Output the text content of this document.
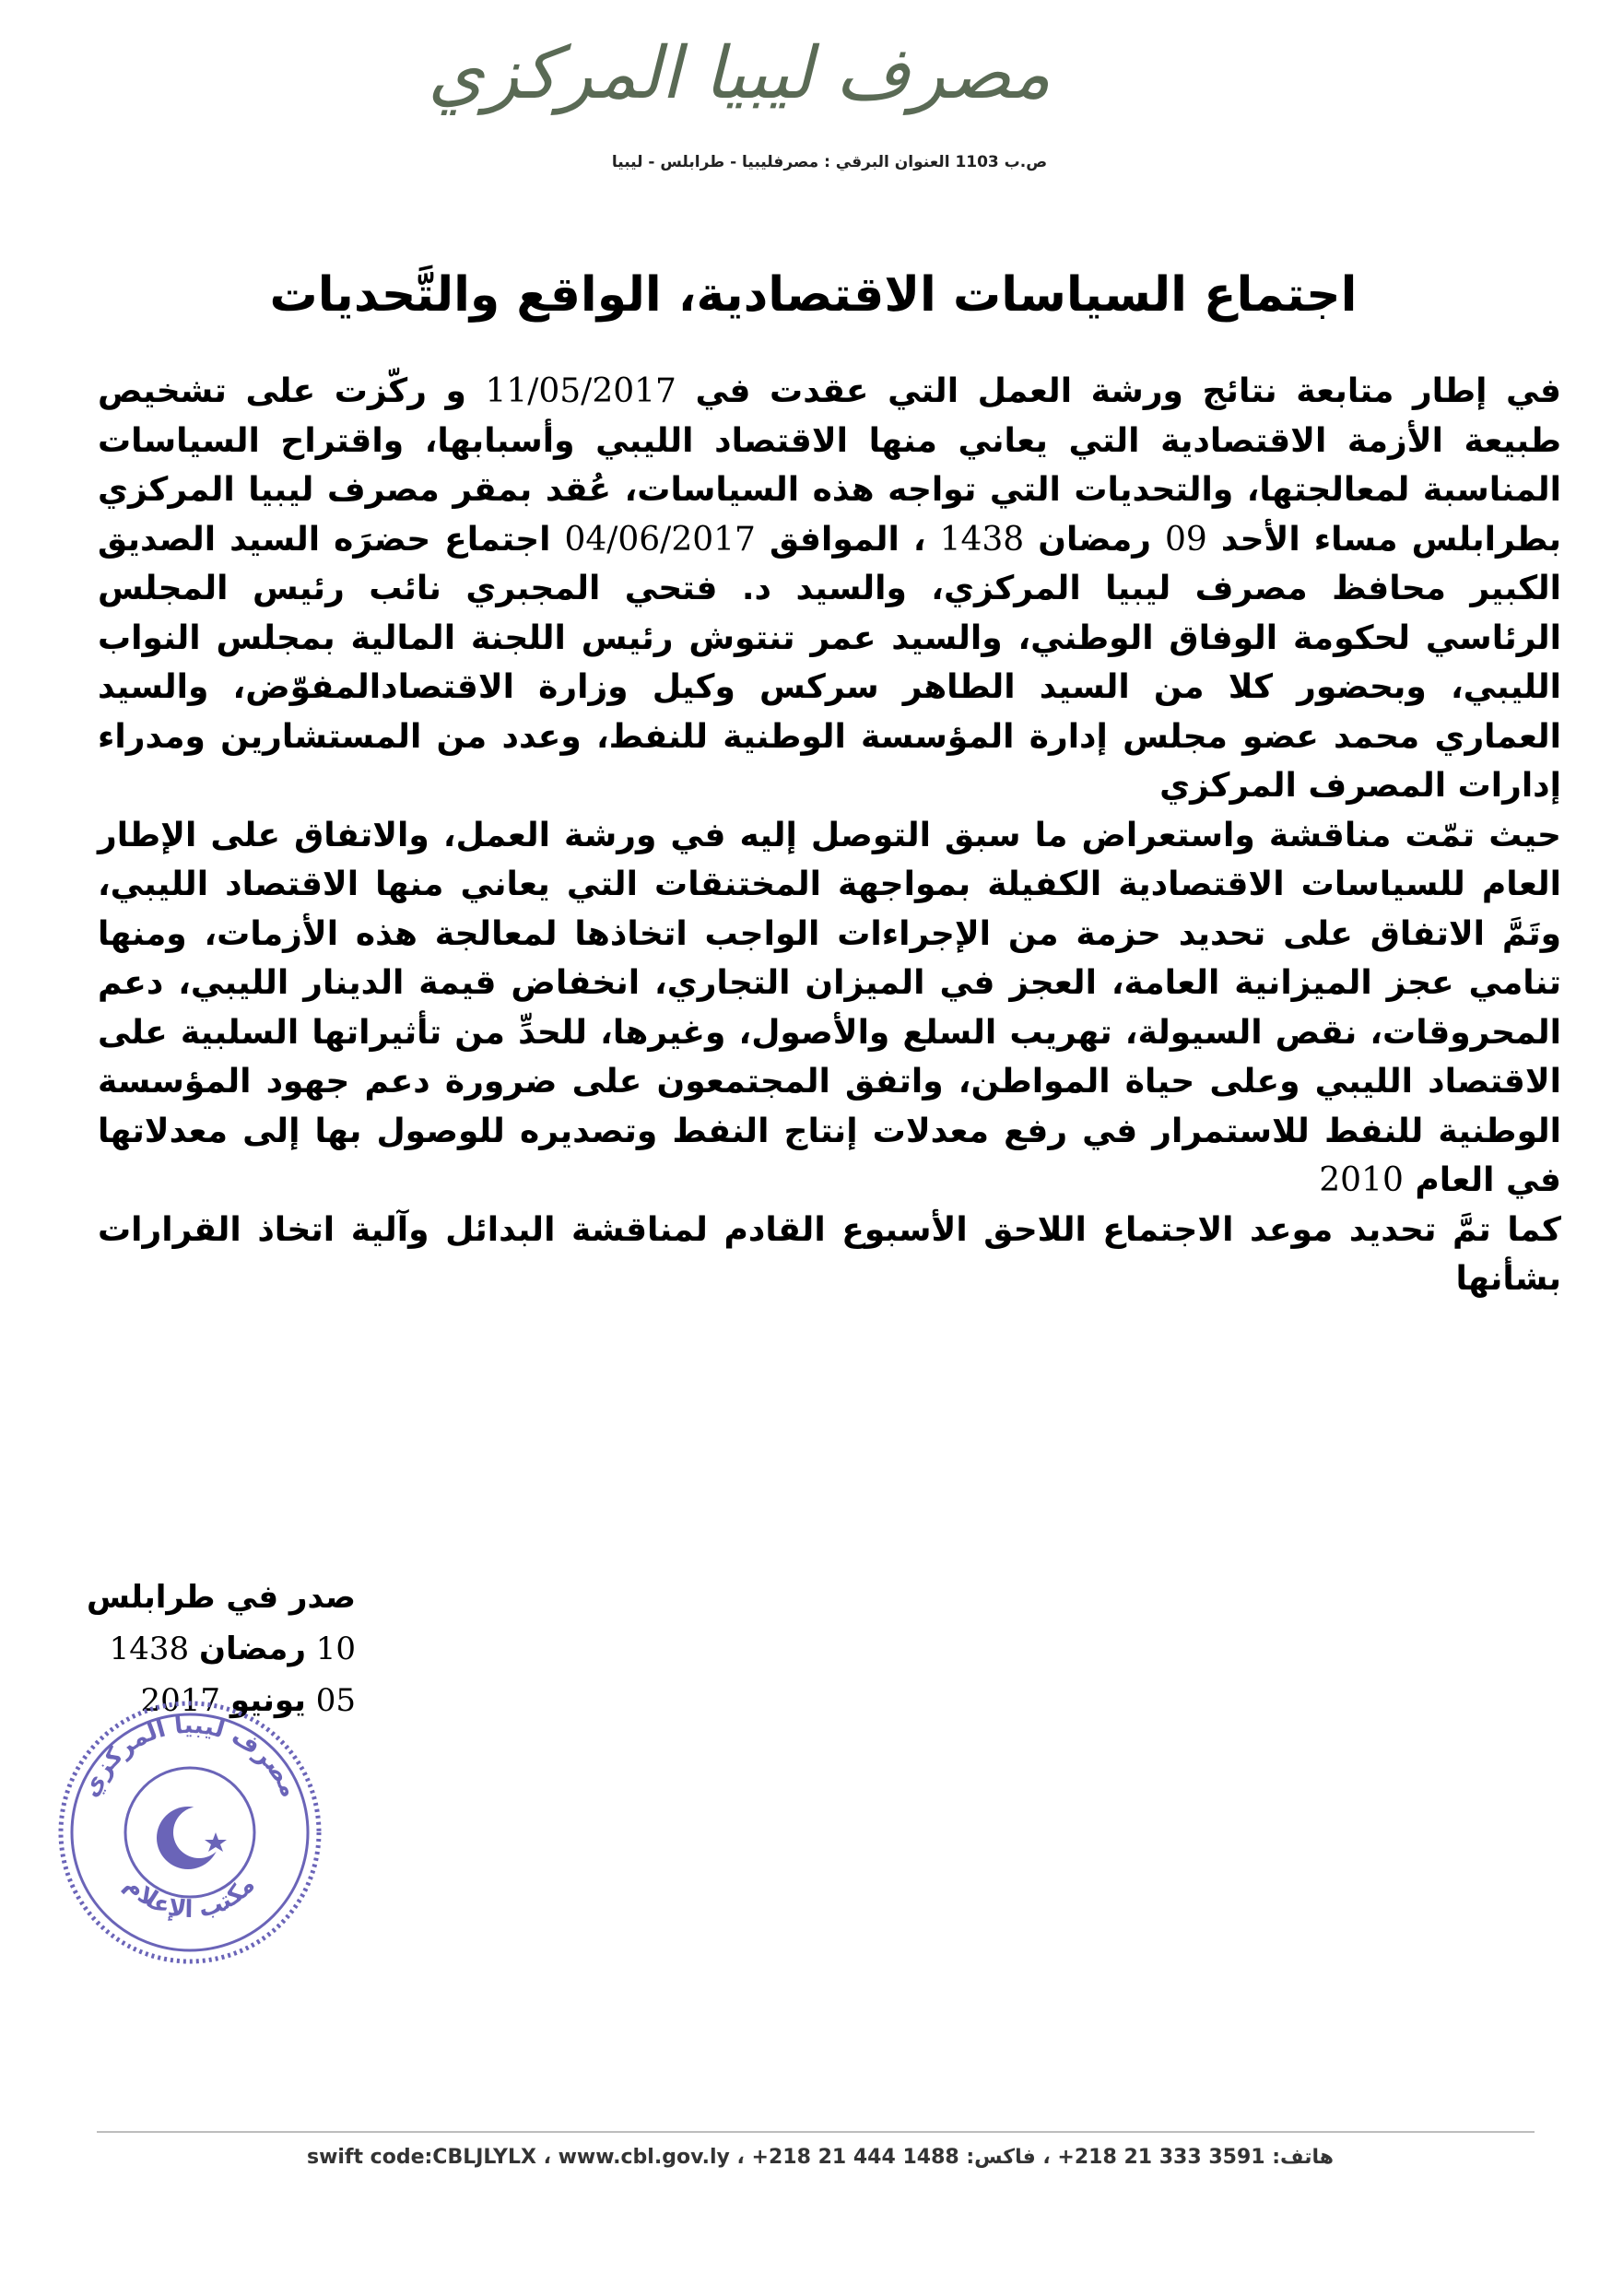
مصرف ليبيا المركزي
ص.ب 1103 العنوان البرقي : مصرفليبيا - طرابلس - ليبيا
اجتماع السياسات الاقتصادية، الواقع والتَّحديات

في إطار متابعة نتائج ورشة العمل التي عقدت في 11/05/2017 و ركّزت على تشخيص طبيعة الأزمة الاقتصادية التي يعاني منها الاقتصاد الليبي وأسبابها، واقتراح السياسات المناسبة لمعالجتها، والتحديات التي تواجه هذه السياسات، عُقد بمقر مصرف ليبيا المركزي بطرابلس مساء الأحد 09 رمضان 1438 ، الموافق 04/06/2017 اجتماع حضرَه السيد الصديق الكبير محافظ مصرف ليبيا المركزي، والسيد د. فتحي المجبري نائب رئيس المجلس الرئاسي لحكومة الوفاق الوطني، والسيد عمر تنتوش رئيس اللجنة المالية بمجلس النواب الليبي، وبحضور كلا من السيد الطاهر سركس وكيل وزارة الاقتصادالمفوّض، والسيد العماري محمد عضو مجلس إدارة المؤسسة الوطنية للنفط، وعدد من المستشارين ومدراء إدارات المصرف المركزي

حيث تمّت مناقشة واستعراض ما سبق التوصل إليه في ورشة العمل، والاتفاق على الإطار العام للسياسات الاقتصادية الكفيلة بمواجهة المختنقات التي يعاني منها الاقتصاد الليبي، وتَمَّ الاتفاق على تحديد حزمة من الإجراءات الواجب اتخاذها لمعالجة هذه الأزمات، ومنها تنامي عجز الميزانية العامة، العجز في الميزان التجاري، انخفاض قيمة الدينار الليبي، دعم المحروقات، نقص السيولة، تهريب السلع والأصول، وغيرها، للحدِّ من تأثيراتها السلبية على الاقتصاد الليبي وعلى حياة المواطن، واتفق المجتمعون على ضرورة دعم جهود المؤسسة الوطنية للنفط للاستمرار في رفع معدلات إنتاج النفط وتصديره للوصول بها إلى معدلاتها في العام 2010

كما تمَّ تحديد موعد الاجتماع اللاحق الأسبوع القادم لمناقشة البدائل وآلية اتخاذ القرارات بشأنها

صدر في طرابلس
10 رمضان 1438
05 يونيو 2017
مصرف ليبيا المركزي
مكتب الإعلام
هاتف: 3591 333 21 218+ ، فاكس: 1488 444 21 218+ ، swift code:CBLJLYLX ، www.cbl.gov.ly
